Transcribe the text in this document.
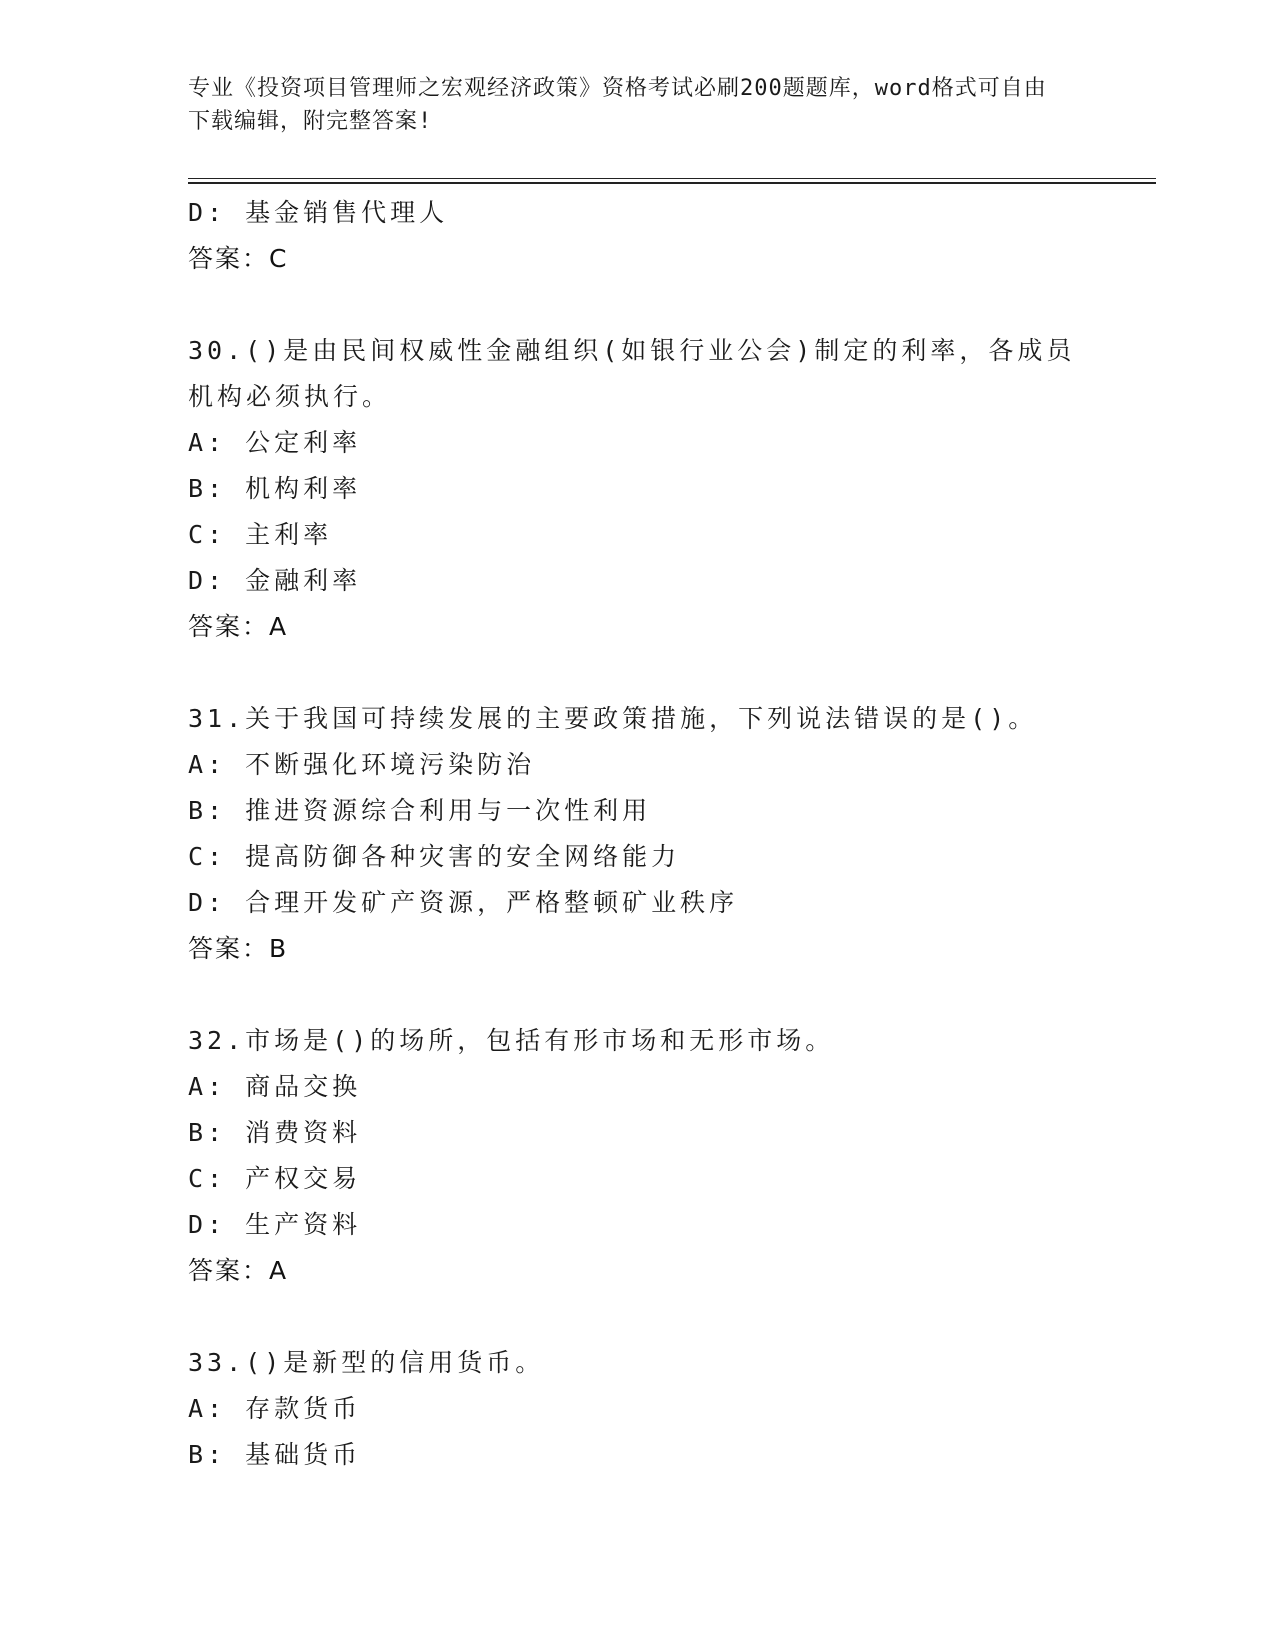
专业《投资项目管理师之宏观经济政策》资格考试必刷200题题库，word格式可自由下载编辑，附完整答案!
D: 基金销售代理人
答案：C
30.()是由民间权威性金融组织(如银行业公会)制定的利率，各成员机构必须执行。
A: 公定利率
B: 机构利率
C: 主利率
D: 金融利率
答案：A
31.关于我国可持续发展的主要政策措施，下列说法错误的是()。
A: 不断强化环境污染防治
B: 推进资源综合利用与一次性利用
C: 提高防御各种灾害的安全网络能力
D: 合理开发矿产资源，严格整顿矿业秩序
答案：B
32.市场是()的场所，包括有形市场和无形市场。
A: 商品交换
B: 消费资料
C: 产权交易
D: 生产资料
答案：A
33.()是新型的信用货币。
A: 存款货币
B: 基础货币
